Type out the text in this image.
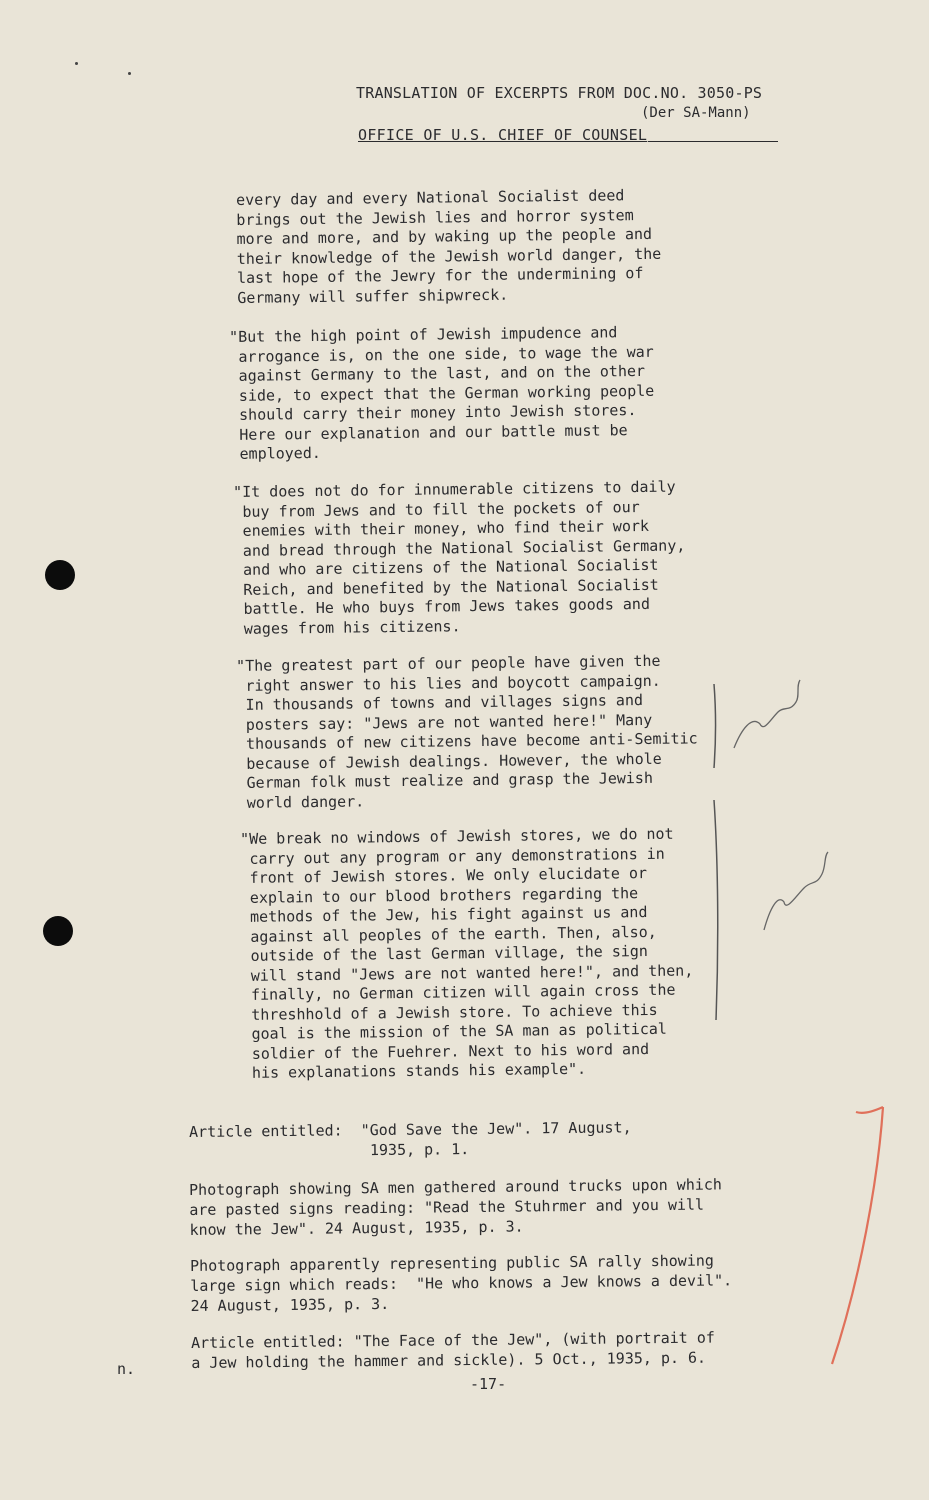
TRANSLATION OF EXCERPTS FROM DOC.NO. 3050-PS
(Der SA-Mann)
OFFICE OF U.S. CHIEF OF COUNSEL
every day and every National Socialist deed
brings out the Jewish lies and horror system
more and more, and by waking up the people and
their knowledge of the Jewish world danger, the
last hope of the Jewry for the undermining of
Germany will suffer shipwreck.
"But the high point of Jewish impudence and
arrogance is, on the one side, to wage the war
against Germany to the last, and on the other
side, to expect that the German working people
should carry their money into Jewish stores.
Here our explanation and our battle must be
employed.
"It does not do for innumerable citizens to daily
buy from Jews and to fill the pockets of our
enemies with their money, who find their work
and bread through the National Socialist Germany,
and who are citizens of the National Socialist
Reich, and benefited by the National Socialist
battle. He who buys from Jews takes goods and
wages from his citizens.
"The greatest part of our people have given the
right answer to his lies and boycott campaign.
In thousands of towns and villages signs and
posters say: "Jews are not wanted here!" Many
thousands of new citizens have become anti-Semitic
because of Jewish dealings. However, the whole
German folk must realize and grasp the Jewish
world danger.
"We break no windows of Jewish stores, we do not
carry out any program or any demonstrations in
front of Jewish stores. We only elucidate or
explain to our blood brothers regarding the
methods of the Jew, his fight against us and
against all peoples of the earth. Then, also,
outside of the last German village, the sign
will stand "Jews are not wanted here!", and then,
finally, no German citizen will again cross the
threshhold of a Jewish store. To achieve this
goal is the mission of the SA man as political
soldier of the Fuehrer. Next to his word and
his explanations stands his example".
Article entitled:  "God Save the Jew". 17 August,
1935, p. 1.
Photograph showing SA men gathered around trucks upon which
are pasted signs reading: "Read the Stuhrmer and you will
know the Jew". 24 August, 1935, p. 3.
Photograph apparently representing public SA rally showing
large sign which reads:  "He who knows a Jew knows a devil".
24 August, 1935, p. 3.
Article entitled: "The Face of the Jew", (with portrait of
a Jew holding the hammer and sickle). 5 Oct., 1935, p. 6.
-17-
n.
